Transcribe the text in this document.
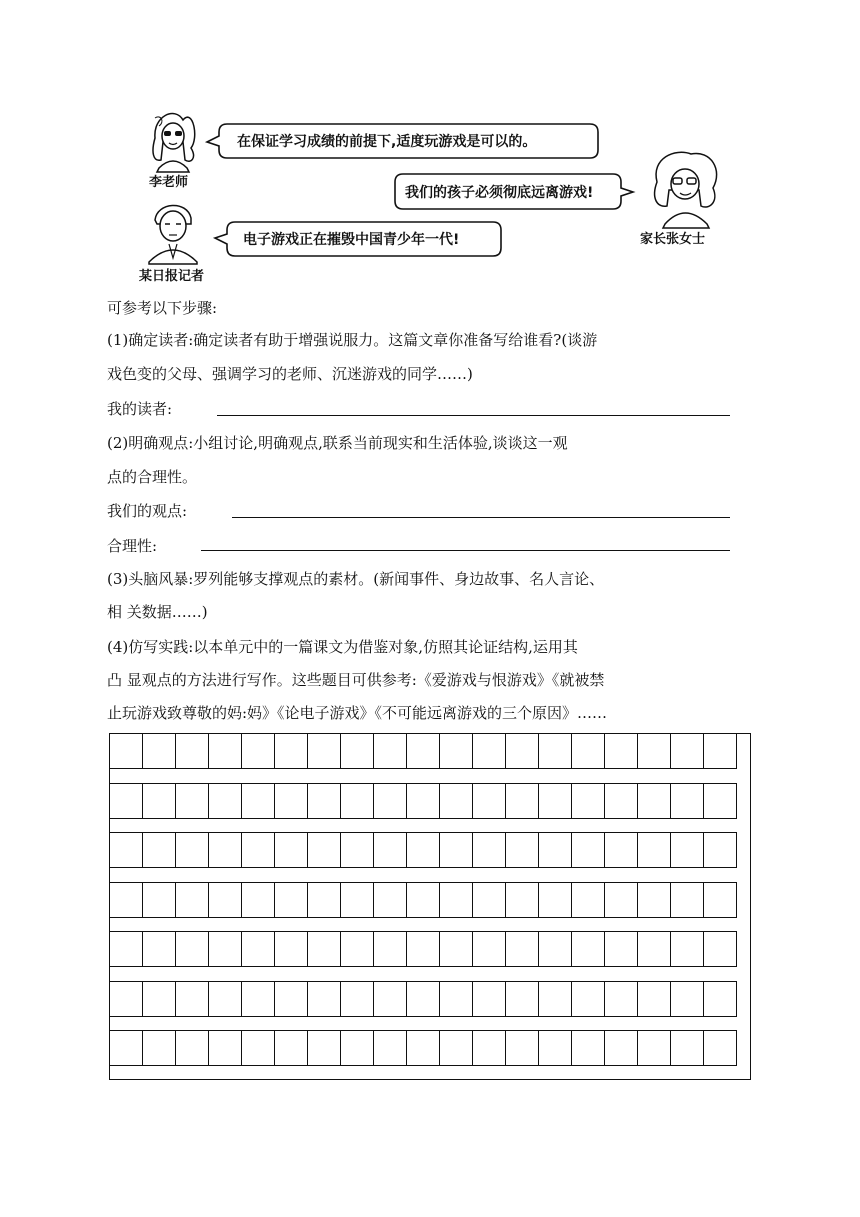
李老师
在保证学习成绩的前提下,适度玩游戏是可以的。
我们的孩子必须彻底远离游戏!
家长张女士
某日报记者
电子游戏正在摧毁中国青少年一代!
可参考以下步骤:
(1)确定读者:确定读者有助于增强说服力。这篇文章你准备写给谁看?(谈游
戏色变的父母、强调学习的老师、沉迷游戏的同学……)
我的读者:
(2)明确观点:小组讨论,明确观点,联系当前现实和生活体验,谈谈这一观
点的合理性。
我们的观点:
合理性:
(3)头脑风暴:罗列能够支撑观点的素材。(新闻事件、身边故事、名人言论、
相 关数据……)
(4)仿写实践:以本单元中的一篇课文为借鉴对象,仿照其论证结构,运用其
凸 显观点的方法进行写作。这些题目可供参考:《爱游戏与恨游戏》《就被禁
止玩游戏致尊敬的妈:妈》《论电子游戏》《不可能远离游戏的三个原因》……
